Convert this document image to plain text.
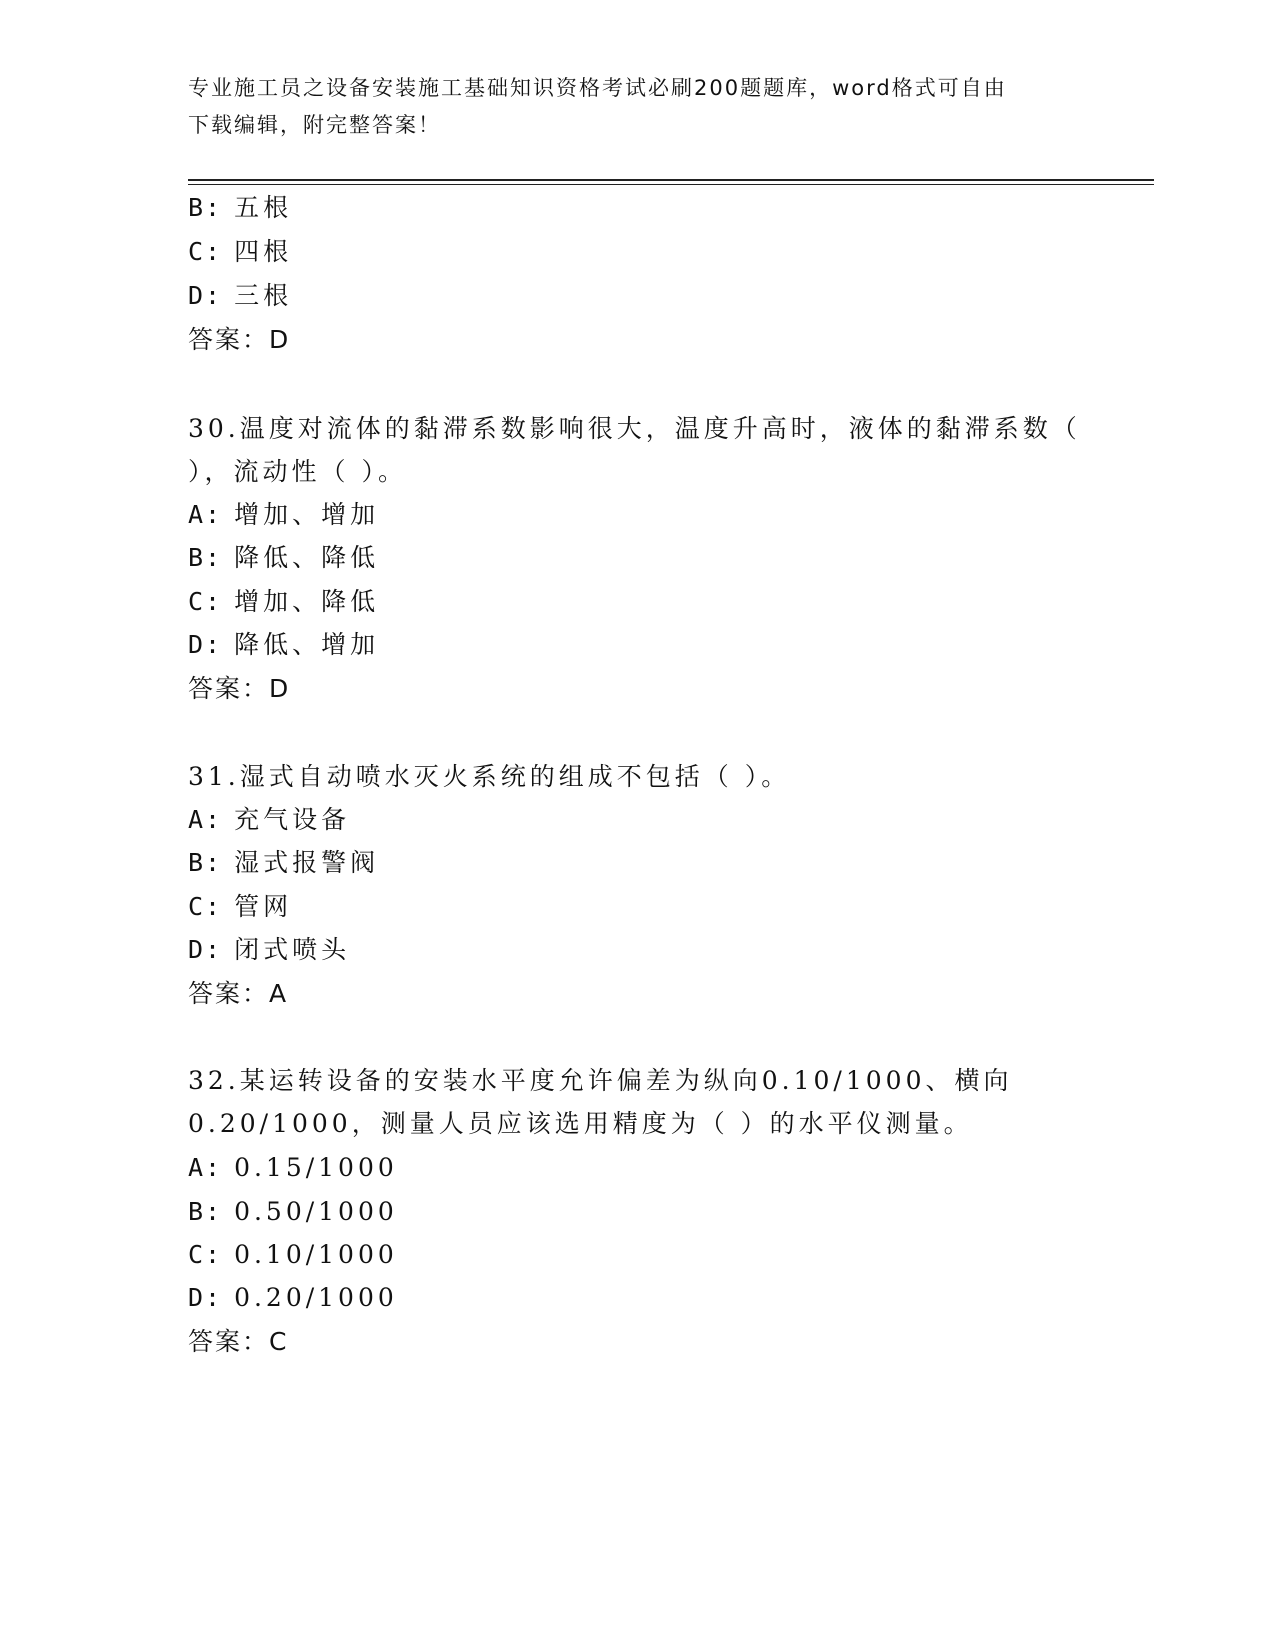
专业施工员之设备安装施工基础知识资格考试必刷200题题库，word格式可自由
下载编辑，附完整答案！
B: 五根
C: 四根
D: 三根
答案：D
30.温度对流体的黏滞系数影响很大，温度升高时，液体的黏滞系数（
），流动性（ ）。
A: 增加、增加
B: 降低、降低
C: 增加、降低
D: 降低、增加
答案：D
31.湿式自动喷水灭火系统的组成不包括（ ）。
A: 充气设备
B: 湿式报警阀
C: 管网
D: 闭式喷头
答案：A
32.某运转设备的安装水平度允许偏差为纵向0.10/1000、横向
0.20/1000，测量人员应该选用精度为（ ）的水平仪测量。
A: 0.15/1000
B: 0.50/1000
C: 0.10/1000
D: 0.20/1000
答案：C
